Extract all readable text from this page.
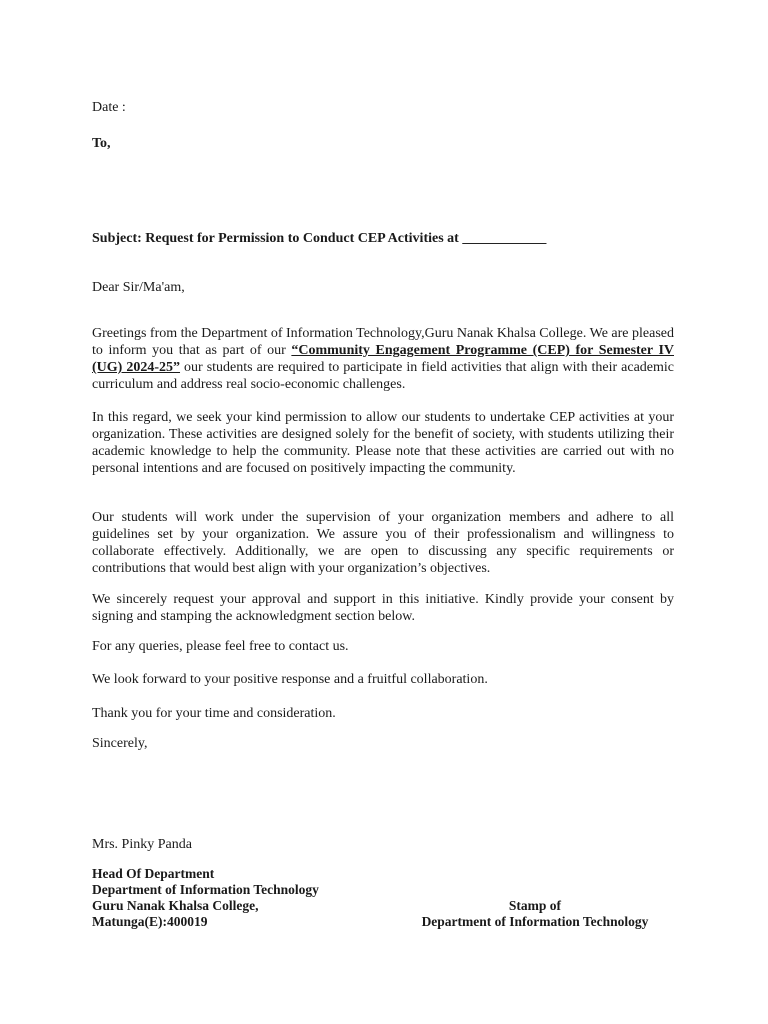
Date :
To,
Subject: Request for Permission to Conduct CEP Activities at ____________
Dear Sir/Ma'am,
Greetings from the Department of Information Technology,Guru Nanak Khalsa College. We are pleased to inform you that as part of our “Community Engagement Programme (CEP) for Semester IV (UG) 2024-25” our students are required to participate in field activities that align with their academic curriculum and address real socio-economic challenges.
In this regard, we seek your kind permission to allow our students to undertake CEP activities at your organization. These activities are designed solely for the benefit of society, with students utilizing their academic knowledge to help the community. Please note that these activities are carried out with no personal intentions and are focused on positively impacting the community.
Our students will work under the supervision of your organization members and adhere to all guidelines set by your organization. We assure you of their professionalism and willingness to collaborate effectively. Additionally, we are open to discussing any specific requirements or contributions that would best align with your organization’s objectives.
We sincerely request your approval and support in this initiative. Kindly provide your consent by signing and stamping the acknowledgment section below.
For any queries, please feel free to contact us.
We look forward to your positive response and a fruitful collaboration.
Thank you for your time and consideration.
Sincerely,
Mrs. Pinky Panda
Head Of Department
Department of Information Technology
Guru Nanak Khalsa College,
Matunga(E):400019
Stamp of
Department of Information Technology
